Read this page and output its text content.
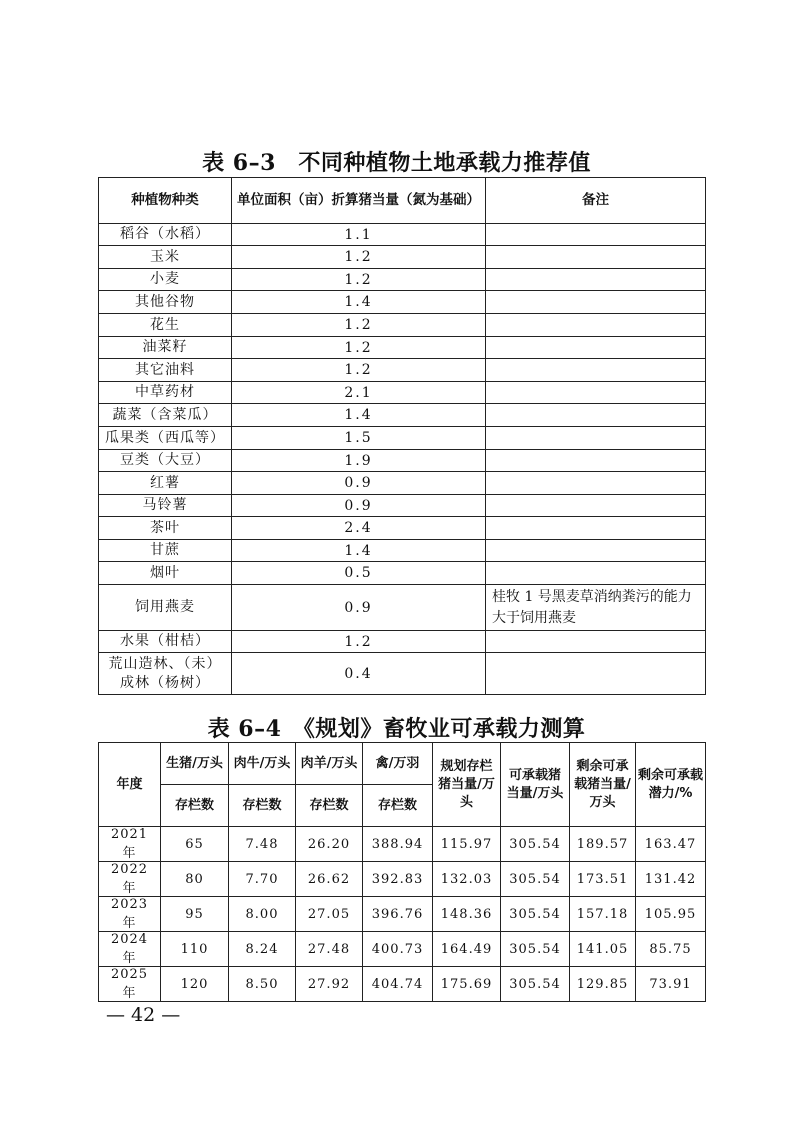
表 6–3　不同种植物土地承载力推荐值
种植物种类	单位面积（亩）折算猪当量（氮为基础）	备注
稻谷（水稻）	1.1	
玉米	1.2	
小麦	1.2	
其他谷物	1.4	
花生	1.2	
油菜籽	1.2	
其它油料	1.2	
中草药材	2.1	
蔬菜（含菜瓜）	1.4	
瓜果类（西瓜等）	1.5	
豆类（大豆）	1.9	
红薯	0.9	
马铃薯	0.9	
茶叶	2.4	
甘蔗	1.4	
烟叶	0.5	
饲用燕麦	0.9	桂牧 1 号黑麦草消纳粪污的能力大于饲用燕麦
水果（柑桔）	1.2	
荒山造林、（未）成林（杨树）	0.4	
表 6–4　《规划》畜牧业可承载力测算
年度	生猪/万头	肉牛/万头	肉羊/万头	禽/万羽	规划存栏猪当量/万头	可承载猪当量/万头	剩余可承载猪当量/万头	剩余可承载潜力/%
	存栏数	存栏数	存栏数	存栏数				
2021 年	65	7.48	26.20	388.94	115.97	305.54	189.57	163.47
2022 年	80	7.70	26.62	392.83	132.03	305.54	173.51	131.42
2023 年	95	8.00	27.05	396.76	148.36	305.54	157.18	105.95
2024 年	110	8.24	27.48	400.73	164.49	305.54	141.05	85.75
2025 年	120	8.50	27.92	404.74	175.69	305.54	129.85	73.91
— 42 —
